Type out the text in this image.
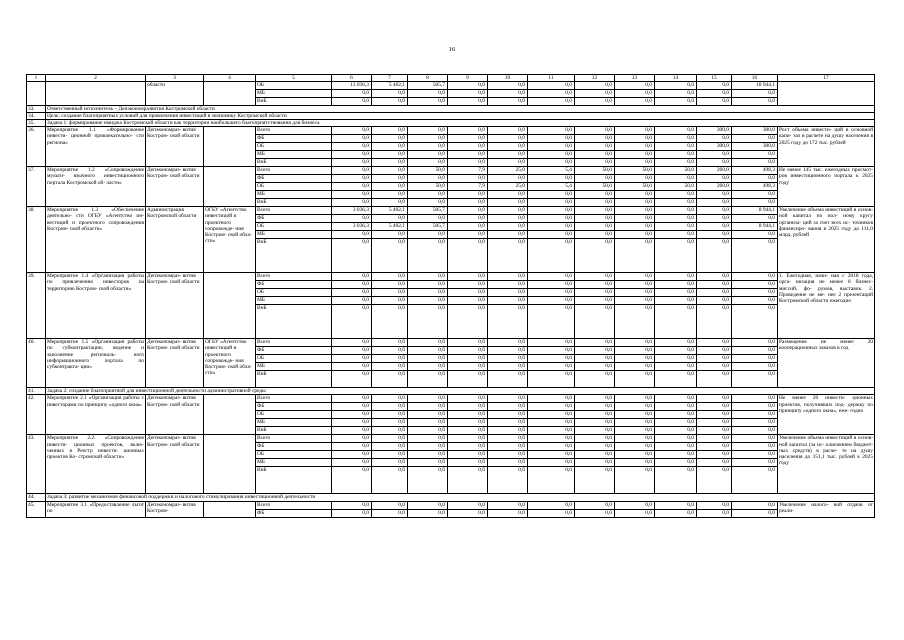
16
1	2	3	4	5	6	7	8	9	10	11	12	13	14	15	16	17
		области		ОБ	13 036,3	5 402,1	505,7	0,0	0,0	0,0	0,0	0,0	0,0	0,0	18 944,1	
				МБ	0,0	0,0	0,0	0,0	0,0	0,0	0,0	0,0	0,0	0,0	0,0	
				ВнБ	0,0	0,0	0,0	0,0	0,0	0,0	0,0	0,0	0,0	0,0	0,0	
33.	Ответственный исполнитель – Депэкономразвития Костромской области															
34.	Цель: создание благоприятных условий для привлечения инвестиций в экономику Костромской области															
35.	Задача 1: формирование имиджа Костромской области как территории наибольшего благоприятствования для бизнеса															
36.	Мероприятие 1.1 «Формирование инвести- ционной привлекательно- сти региона»	Депэкономраз- вития Костром- ской области		Всего	0,0	0,0	0,0	0,0	0,0	0,0	0,0	0,0	0,0	300,0	300,0	Рост объема инвести- ций в основной капи- тал в расчете на душу населения в 2025 году до 172 тыс. рублей
				ФБ	0,0	0,0	0,0	0,0	0,0	0,0	0,0	0,0	0,0	0,0	0,0	
				ОБ	0,0	0,0	0,0	0,0	0,0	0,0	0,0	0,0	0,0	300,0	300,0	
				МБ	0,0	0,0	0,0	0,0	0,0	0,0	0,0	0,0	0,0	0,0	0,0	
				ВнБ	0,0	0,0	0,0	0,0	0,0	0,0	0,0	0,0	0,0	0,0	0,0	
37.	Мероприятие 1.2 «Сопровождение мульти- язычного инвестиционного портала Костромской об- ласти»	Депэкономраз- вития Костром- ской области		Всего	0,0	0,0	50,0	7,9	25,0	5,4	50,0	50,0	50,0	260,0	498,3	Не менее 145 тыс. ежегодных просмот- ров инвестиционного портала к 2025 году
				ФБ	0,0	0,0	0,0	0,0	0,0	0,0	0,0	0,0	0,0	0,0	0,0	
				ОБ	0,0	0,0	50,0	7,9	25,0	5,4	50,0	50,0	50,0	260,0	498,3	
				МБ	0,0	0,0	0,0	0,0	0,0	0,0	0,0	0,0	0,0	0,0	0,0	
				ВнБ	0,0	0,0	0,0	0,0	0,0	0,0	0,0	0,0	0,0	0,0	0,0	
38.	Мероприятие 1.3 «Обеспечение деятельно- сти ОГБУ «Агентство ин- вестиций и проектного сопровождения Костром- ской области»	Администрация Костромской области	ОГБУ «Агентство инвестиций и проектного сопровожде- ния Костром- ской обла- сти»	Всего	3 036,3	5 402,1	505,7	0,0	0,0	0,0	0,0	0,0	0,0	0,0	8 944,1	Увеличение объема инвестиций в основ- ной капитал по пол- ному кругу организа- ций за счет всех ис- точников финансиро- вания в 2025 году до 111,0 млрд. рублей
				ФБ	0,0	0,0	0,0	0,0	0,0	0,0	0,0	0,0	0,0	0,0	0,0	
				ОБ	3 036,3	5 402,1	505,7	0,0	0,0	0,0	0,0	0,0	0,0	0,0	8 944,1	
				МБ	0,0	0,0	0,0	0,0	0,0	0,0	0,0	0,0	0,0	0,0	0,0	
				ВнБ	0,0	0,0	0,0	0,0	0,0	0,0	0,0	0,0	0,0	0,0	0,0	
39.	Мероприятие 1.4 «Организация работы по привлечению инвесторов на территорию Костром- ской области»	Депэкономраз- вития Костром- ской области		Всего	0,0	0,0	0,0	0,0	0,0	0,0	0,0	0,0	0,0	0,0	0,0	1. Ежегодная, начи- ная с 2018 года, орга- низация не менее 8 бизнес-миссий, фо- румов, выставок. 2. Проведение не ме- нее 2 презентаций Костромской области ежегодно
				ФБ	0,0	0,0	0,0	0,0	0,0	0,0	0,0	0,0	0,0	0,0	0,0	
				ОБ	0,0	0,0	0,0	0,0	0,0	0,0	0,0	0,0	0,0	0,0	0,0	
				МБ	0,0	0,0	0,0	0,0	0,0	0,0	0,0	0,0	0,0	0,0	0,0	
				ВнБ	0,0	0,0	0,0	0,0	0,0	0,0	0,0	0,0	0,0	0,0	0,0	
40.	Мероприятие 1.5 «Организация работы по субконтрактации, ведение и заполнение региональ- ного информационного портала по субконтракта- ции»	Депэкономраз- вития Костром- ской области	ОГБУ «Агентство инвестиций и проектного сопровожде- ния Костром- ской обла- сти»	Всего	0,0	0,0	0,0	0,0	0,0	0,0	0,0	0,0	0,0	0,0	0,0	Размещение не менее 20 кооперационных заказов в год
				ФБ	0,0	0,0	0,0	0,0	0,0	0,0	0,0	0,0	0,0	0,0	0,0	
				ОБ	0,0	0,0	0,0	0,0	0,0	0,0	0,0	0,0	0,0	0,0	0,0	
				МБ	0,0	0,0	0,0	0,0	0,0	0,0	0,0	0,0	0,0	0,0	0,0	
				ВнБ	0,0	0,0	0,0	0,0	0,0	0,0	0,0	0,0	0,0	0,0	0,0	
41.	Задача 2: создание благоприятной для инвестиционной деятельности административной среды															
42.	Мероприятие 2.1 «Организация работы с инвесторами по принципу «одного окна»	Депэкономраз- вития Костром- ской области		Всего	0,0	0,0	0,0	0,0	0,0	0,0	0,0	0,0	0,0	0,0	0,0	Не менее 20 инвести- ционных проектов, получивших под- держку по принципу «одного окна», еже- годно
				ФБ	0,0	0,0	0,0	0,0	0,0	0,0	0,0	0,0	0,0	0,0	0,0	
				ОБ	0,0	0,0	0,0	0,0	0,0	0,0	0,0	0,0	0,0	0,0	0,0	
				МБ	0,0	0,0	0,0	0,0	0,0	0,0	0,0	0,0	0,0	0,0	0,0	
				ВнБ	0,0	0,0	0,0	0,0	0,0	0,0	0,0	0,0	0,0	0,0	0,0	
43.	Мероприятие 2.2. «Сопровождение инвести- ционных проектов, вклю- ченных в Реестр инвести- ционных проектов Ко- стромской области»	Депэкономраз- вития Костром- ской области		Всего	0,0	0,0	0,0	0,0	0,0	0,0	0,0	0,0	0,0	0,0	0,0	Увеличение объема инвестиций в основ- ной капитал (за ис- ключением бюджет- ных средств) в расче- те на душу населения до 151,1 тыс. рублей к 2025 году
				ФБ	0,0	0,0	0,0	0,0	0,0	0,0	0,0	0,0	0,0	0,0	0,0	
				ОБ	0,0	0,0	0,0	0,0	0,0	0,0	0,0	0,0	0,0	0,0	0,0	
				МБ	0,0	0,0	0,0	0,0	0,0	0,0	0,0	0,0	0,0	0,0	0,0	
				ВнБ	0,0	0,0	0,0	0,0	0,0	0,0	0,0	0,0	0,0	0,0	0,0	
44.	Задача 3: развитие механизмов финансовой поддержки и налогового стимулирования инвестиционной деятельности															
45.	Мероприятие 3.1 «Предоставление льгот по	Депэкономраз- вития Костром-		Всего	0,0	0,0	0,0	0,0	0,0	0,0	0,0	0,0	0,0	0,0	0,0	Увеличение налого- вой отдачи от реали-
				ФБ	0,0	0,0	0,0	0,0	0,0	0,0	0,0	0,0	0,0	0,0	0,0	
